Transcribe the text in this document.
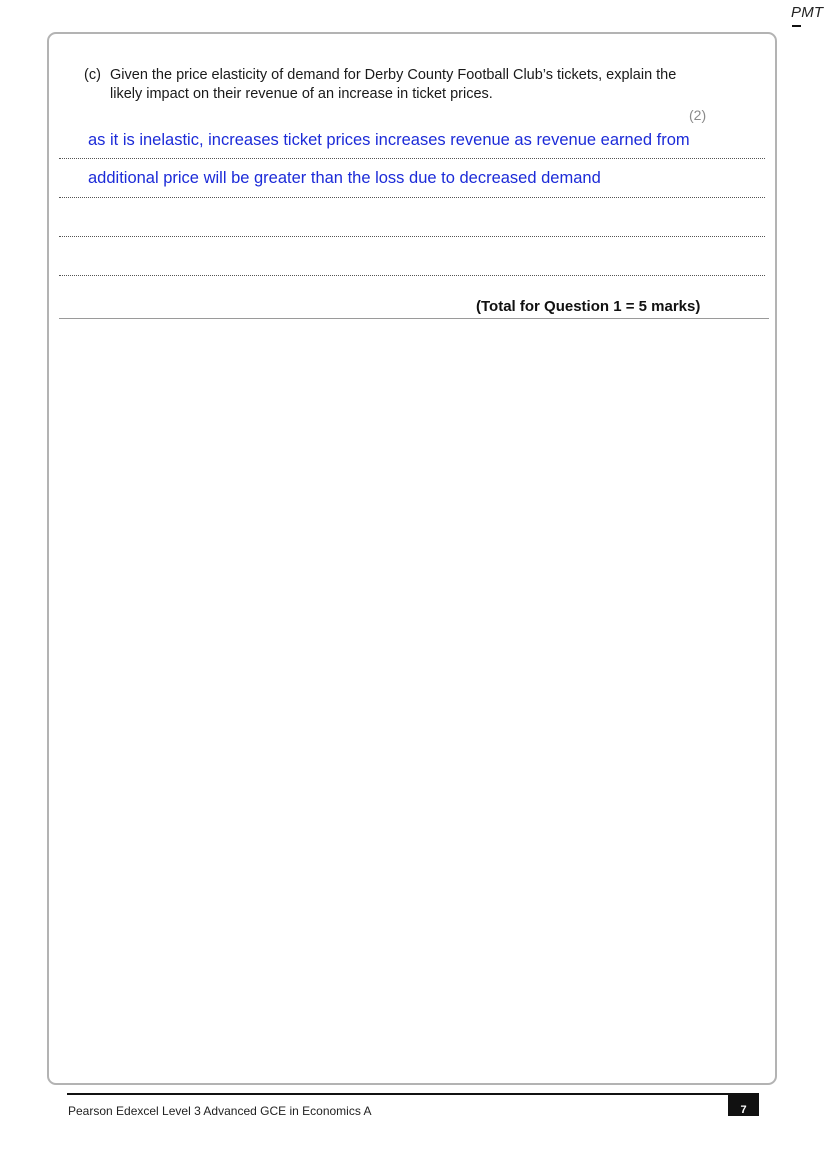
PMT
(c) Given the price elasticity of demand for Derby County Football Club’s tickets, explain the likely impact on their revenue of an increase in ticket prices.
(2)
as it is inelastic, increases ticket prices increases revenue as revenue earned from
additional price will be greater than the loss due to decreased demand
(Total for Question 1 = 5 marks)
Pearson Edexcel Level 3 Advanced GCE in Economics A	7
